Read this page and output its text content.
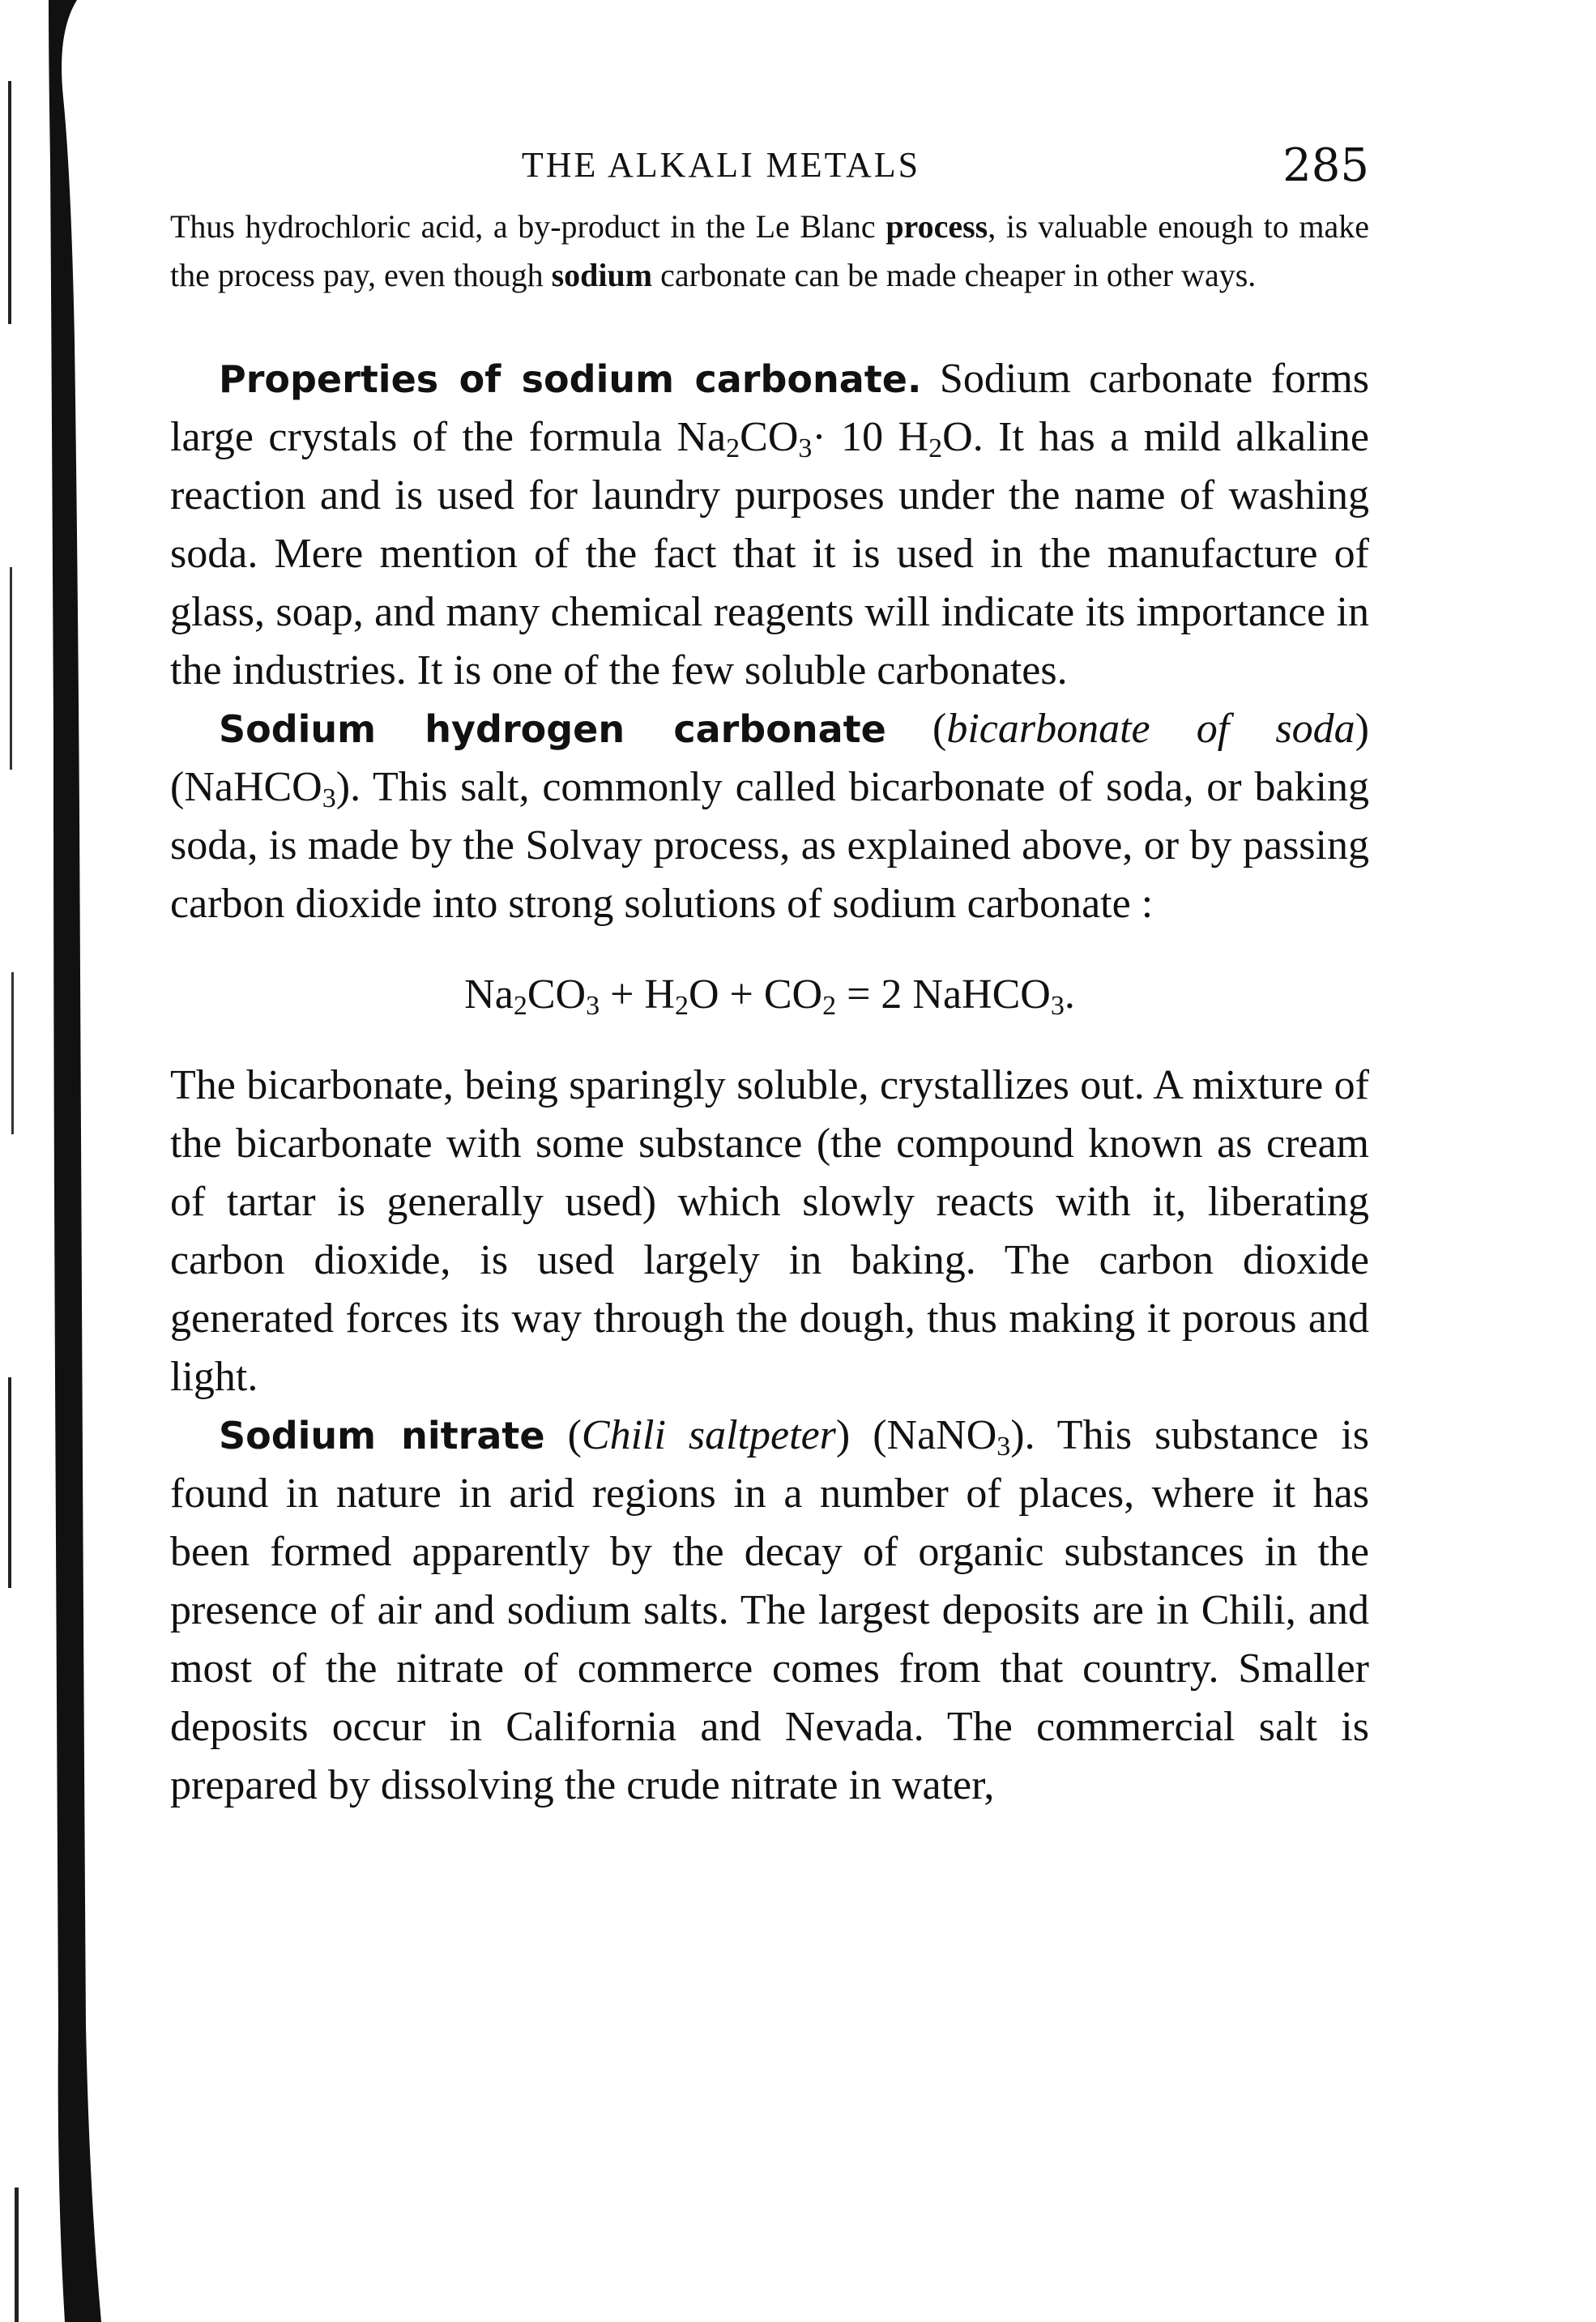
THE ALKALI METALS	285

Thus hydrochloric acid, a by-product in the Le Blanc process, is valuable enough to make the process pay, even though sodium carbonate can be made cheaper in other ways.

Properties of sodium carbonate. Sodium carbonate forms large crystals of the formula $Na_2CO_3\cdot 10$ $H_2O$. It has a mild alkaline reaction and is used for laundry purposes under the name of washing soda. Mere mention of the fact that it is used in the manufacture of glass, soap, and many chemical reagents will indicate its importance in the industries. It is one of the few soluble carbonates.

Sodium hydrogen carbonate (bicarbonate of soda) (NaHCO$_3$). This salt, commonly called bicarbonate of soda, or baking soda, is made by the Solvay process, as explained above, or by passing carbon dioxide into strong solutions of sodium carbonate :

$Na_2CO_3 + H_2O + CO_2 = 2$ NaHCO$_3$.

The bicarbonate, being sparingly soluble, crystallizes out. A mixture of the bicarbonate with some substance (the compound known as cream of tartar is generally used) which slowly reacts with it, liberating carbon dioxide, is used largely in baking. The carbon dioxide generated forces its way through the dough, thus making it porous and light.

Sodium nitrate (Chili saltpeter) (NaNO$_3$). This substance is found in nature in arid regions in a number of places, where it has been formed apparently by the decay of organic substances in the presence of air and sodium salts. The largest deposits are in Chili, and most of the nitrate of commerce comes from that country. Smaller deposits occur in California and Nevada. The commercial salt is prepared by dissolving the crude nitrate in water,
